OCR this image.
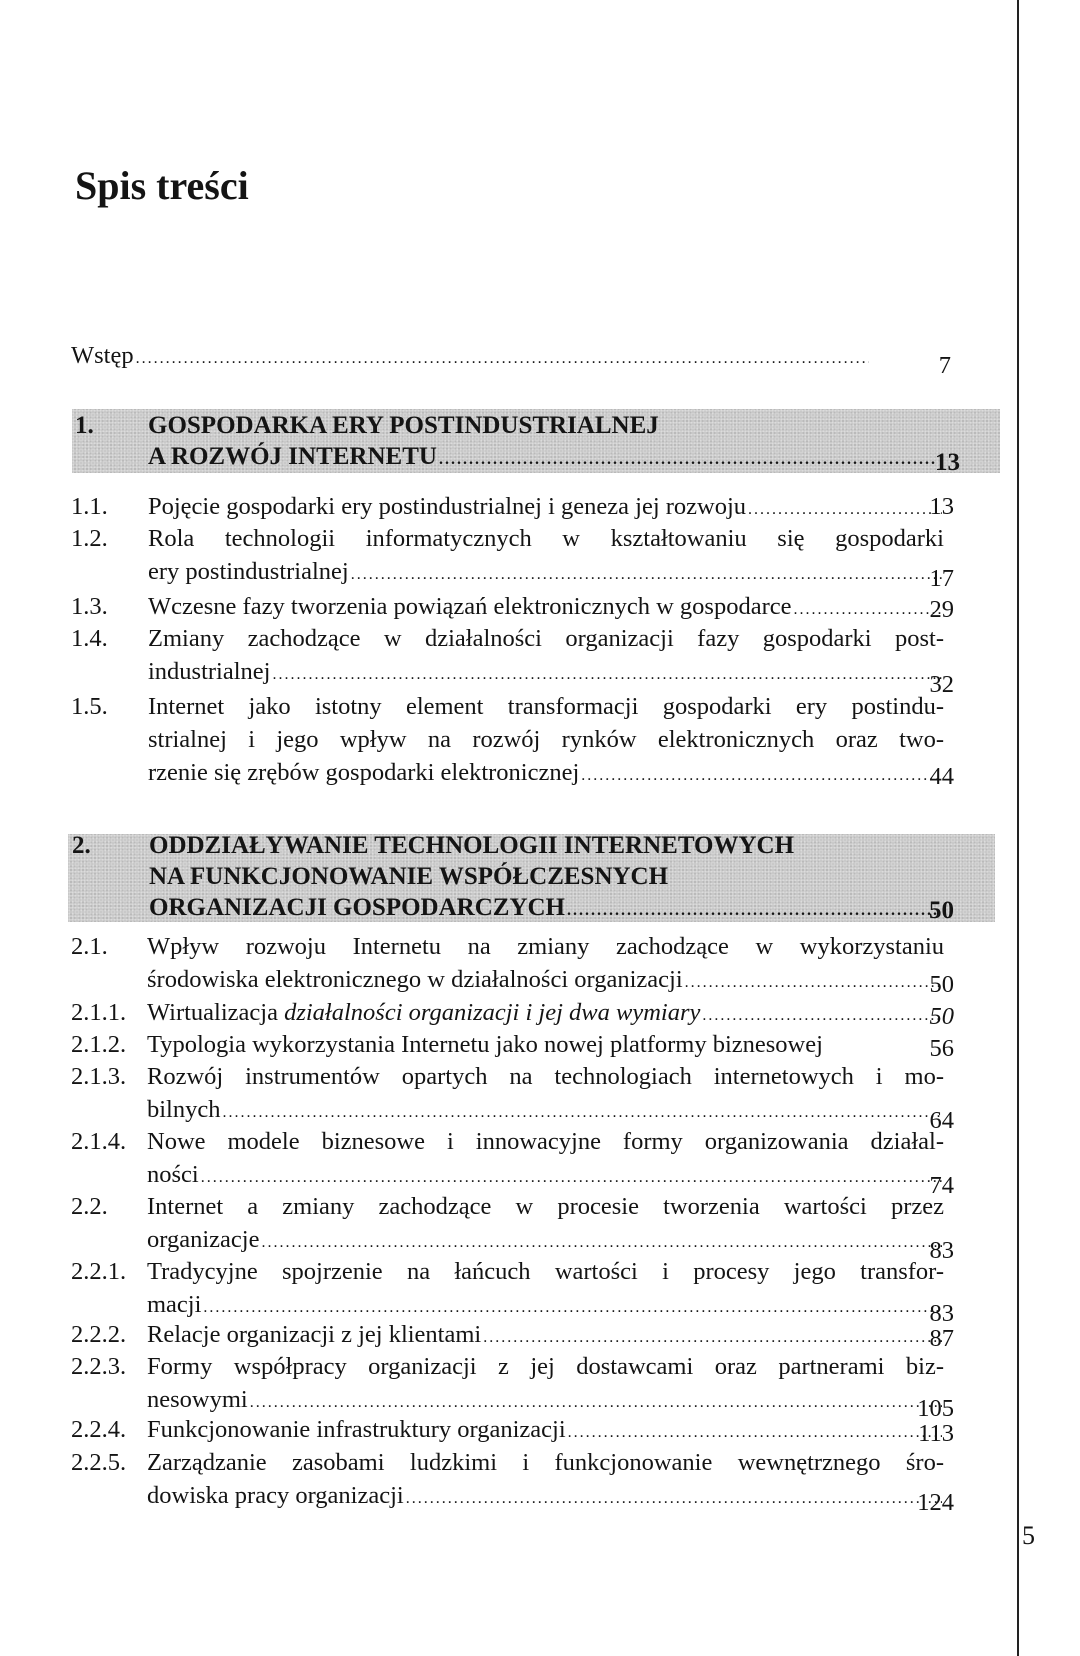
5
Spis treści
Wstęp .....	7
1. GOSPODARKA ERY POSTINDUSTRIALNEJ
A ROZWÓJ INTERNETU .....	13
1.1. Pojęcie gospodarki ery postindustrialnej i geneza jej rozwoju .....	13
1.2. Rola technologii informatycznych w kształtowaniu się gospodarki
ery postindustrialnej .....	17
1.3. Wczesne fazy tworzenia powiązań elektronicznych w gospodarce .....	29
1.4. Zmiany zachodzące w działalności organizacji fazy gospodarki post-
industrialnej .....	32
1.5. Internet jako istotny element transformacji gospodarki ery postindu-
strialnej i jego wpływ na rozwój rynków elektronicznych oraz two-
rzenie się zrębów gospodarki elektronicznej .....	44
2. ODDZIAŁYWANIE TECHNOLOGII INTERNETOWYCH
NA FUNKCJONOWANIE WSPÓŁCZESNYCH
ORGANIZACJI GOSPODARCZYCH .....	50
2.1. Wpływ rozwoju Internetu na zmiany zachodzące w wykorzystaniu
środowiska elektronicznego w działalności organizacji .....	50
2.1.1. Wirtualizacja działalności organizacji i jej dwa wymiary .....	50
2.1.2. Typologia wykorzystania Internetu jako nowej platformy biznesowej	56
2.1.3. Rozwój instrumentów opartych na technologiach internetowych i mo-
bilnych .....	64
2.1.4. Nowe modele biznesowe i innowacyjne formy organizowania działal-
ności .....	74
2.2. Internet a zmiany zachodzące w procesie tworzenia wartości przez
organizacje .....	83
2.2.1. Tradycyjne spojrzenie na łańcuch wartości i procesy jego transfor-
macji .....	83
2.2.2. Relacje organizacji z jej klientami .....	87
2.2.3. Formy współpracy organizacji z jej dostawcami oraz partnerami biz-
nesowymi .....	105
2.2.4. Funkcjonowanie infrastruktury organizacji .....	113
2.2.5. Zarządzanie zasobami ludzkimi i funkcjonowanie wewnętrznego śro-
dowiska pracy organizacji .....	124
